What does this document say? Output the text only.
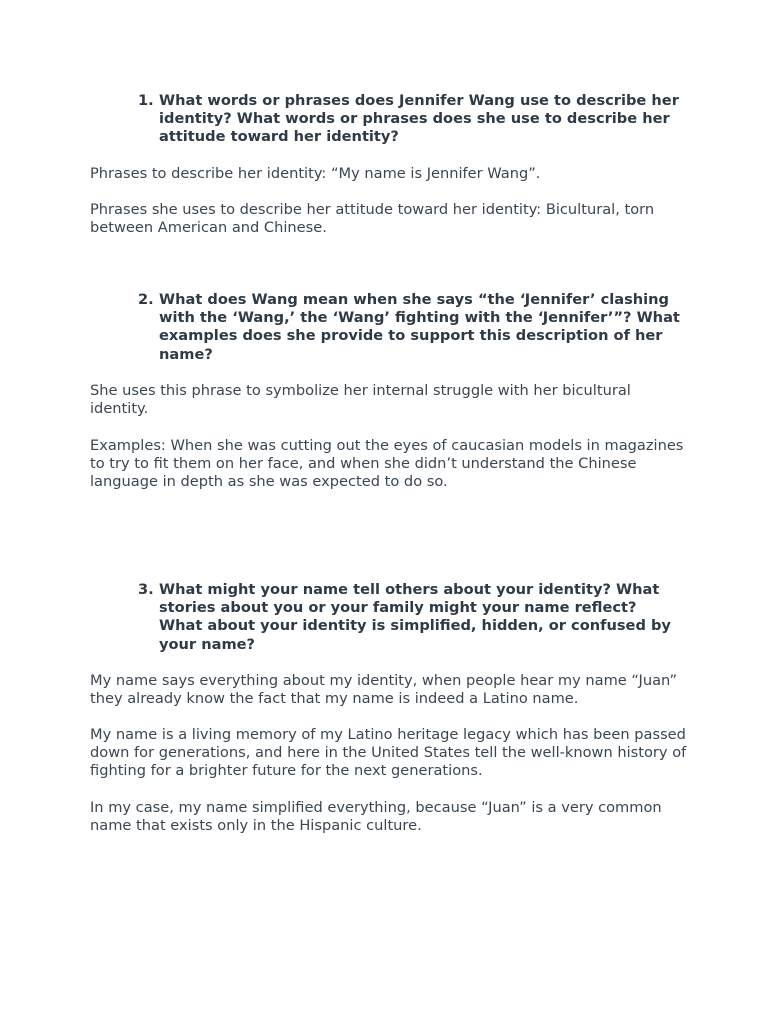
1. What words or phrases does Jennifer Wang use to describe her identity? What words or phrases does she use to describe her attitude toward her identity?

Phrases to describe her identity: “My name is Jennifer Wang”.

Phrases she uses to describe her attitude toward her identity: Bicultural, torn between American and Chinese.

2. What does Wang mean when she says “the ‘Jennifer’ clashing with the ‘Wang,’ the ‘Wang’ fighting with the ‘Jennifer’”? What examples does she provide to support this description of her name?

She uses this phrase to symbolize her internal struggle with her bicultural identity.

Examples: When she was cutting out the eyes of caucasian models in magazines to try to fit them on her face, and when she didn’t understand the Chinese language in depth as she was expected to do so.

3. What might your name tell others about your identity? What stories about you or your family might your name reflect? What about your identity is simplified, hidden, or confused by your name?

My name says everything about my identity, when people hear my name “Juan” they already know the fact that my name is indeed a Latino name.

My name is a living memory of my Latino heritage legacy which has been passed down for generations, and here in the United States tell the well-known history of fighting for a brighter future for the next generations.

In my case, my name simplified everything, because “Juan” is a very common name that exists only in the Hispanic culture.
